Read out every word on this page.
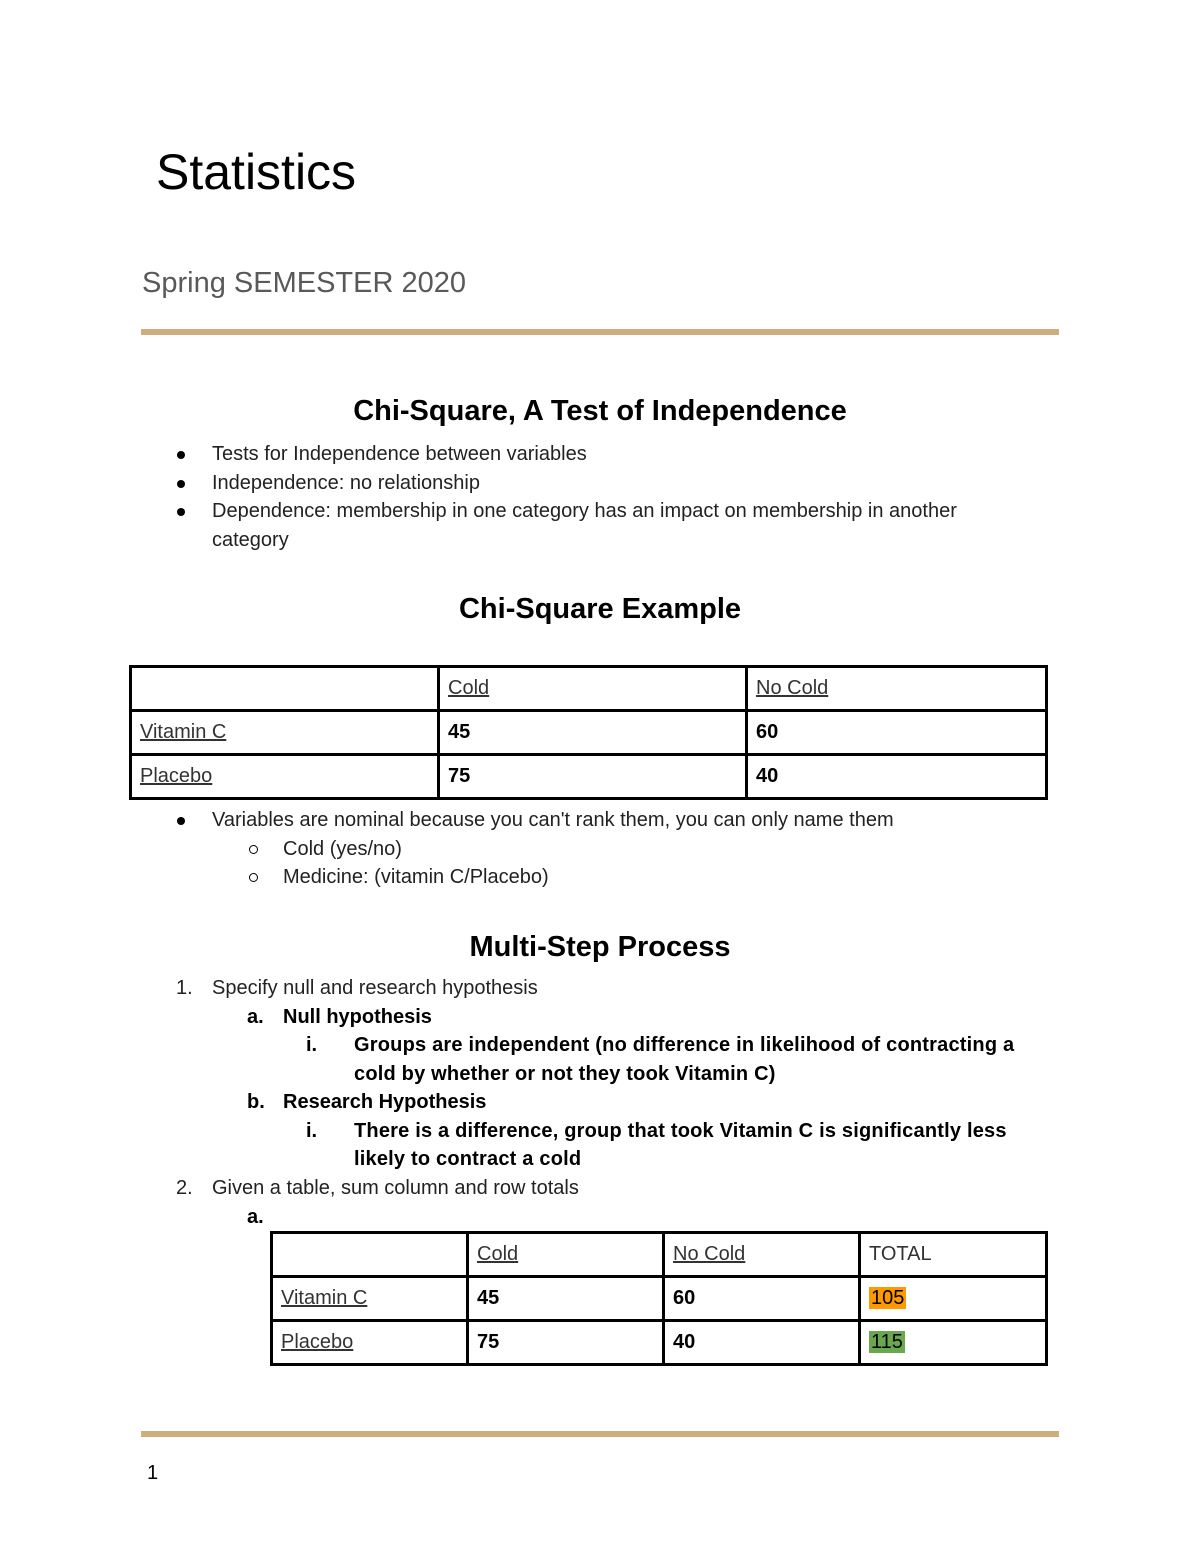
Statistics
Spring SEMESTER 2020
Chi-Square, A Test of Independence
Tests for Independence between variables
Independence: no relationship
Dependence: membership in one category has an impact on membership in another
category
Chi-Square Example
	Cold	No Cold
Vitamin C	45	60
Placebo	75	40
Variables are nominal because you can't rank them, you can only name them
Cold (yes/no)
Medicine: (vitamin C/Placebo)
Multi-Step Process
1. Specify null and research hypothesis
a. Null hypothesis
i. Groups are independent (no difference in likelihood of contracting a
cold by whether or not they took Vitamin C)
b. Research Hypothesis
i. There is a difference, group that took Vitamin C is significantly less
likely to contract a cold
2. Given a table, sum column and row totals
a.
	Cold	No Cold	TOTAL
Vitamin C	45	60	105
Placebo	75	40	115
1
